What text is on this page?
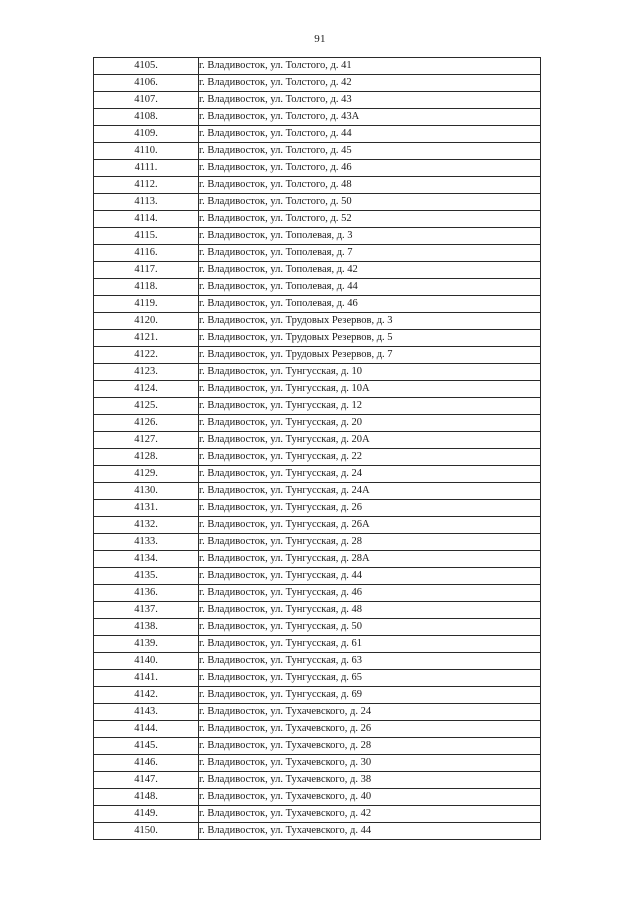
91
4105.	г. Владивосток, ул. Толстого, д. 41
4106.	г. Владивосток, ул. Толстого, д. 42
4107.	г. Владивосток, ул. Толстого, д. 43
4108.	г. Владивосток, ул. Толстого, д. 43А
4109.	г. Владивосток, ул. Толстого, д. 44
4110.	г. Владивосток, ул. Толстого, д. 45
4111.	г. Владивосток, ул. Толстого, д. 46
4112.	г. Владивосток, ул. Толстого, д. 48
4113.	г. Владивосток, ул. Толстого, д. 50
4114.	г. Владивосток, ул. Толстого, д. 52
4115.	г. Владивосток, ул. Тополевая, д. 3
4116.	г. Владивосток, ул. Тополевая, д. 7
4117.	г. Владивосток, ул. Тополевая, д. 42
4118.	г. Владивосток, ул. Тополевая, д. 44
4119.	г. Владивосток, ул. Тополевая, д. 46
4120.	г. Владивосток, ул. Трудовых Резервов, д. 3
4121.	г. Владивосток, ул. Трудовых Резервов, д. 5
4122.	г. Владивосток, ул. Трудовых Резервов, д. 7
4123.	г. Владивосток, ул. Тунгусская, д. 10
4124.	г. Владивосток, ул. Тунгусская, д. 10А
4125.	г. Владивосток, ул. Тунгусская, д. 12
4126.	г. Владивосток, ул. Тунгусская, д. 20
4127.	г. Владивосток, ул. Тунгусская, д. 20А
4128.	г. Владивосток, ул. Тунгусская, д. 22
4129.	г. Владивосток, ул. Тунгусская, д. 24
4130.	г. Владивосток, ул. Тунгусская, д. 24А
4131.	г. Владивосток, ул. Тунгусская, д. 26
4132.	г. Владивосток, ул. Тунгусская, д. 26А
4133.	г. Владивосток, ул. Тунгусская, д. 28
4134.	г. Владивосток, ул. Тунгусская, д. 28А
4135.	г. Владивосток, ул. Тунгусская, д. 44
4136.	г. Владивосток, ул. Тунгусская, д. 46
4137.	г. Владивосток, ул. Тунгусская, д. 48
4138.	г. Владивосток, ул. Тунгусская, д. 50
4139.	г. Владивосток, ул. Тунгусская, д. 61
4140.	г. Владивосток, ул. Тунгусская, д. 63
4141.	г. Владивосток, ул. Тунгусская, д. 65
4142.	г. Владивосток, ул. Тунгусская, д. 69
4143.	г. Владивосток, ул. Тухачевского, д. 24
4144.	г. Владивосток, ул. Тухачевского, д. 26
4145.	г. Владивосток, ул. Тухачевского, д. 28
4146.	г. Владивосток, ул. Тухачевского, д. 30
4147.	г. Владивосток, ул. Тухачевского, д. 38
4148.	г. Владивосток, ул. Тухачевского, д. 40
4149.	г. Владивосток, ул. Тухачевского, д. 42
4150.	г. Владивосток, ул. Тухачевского, д. 44
